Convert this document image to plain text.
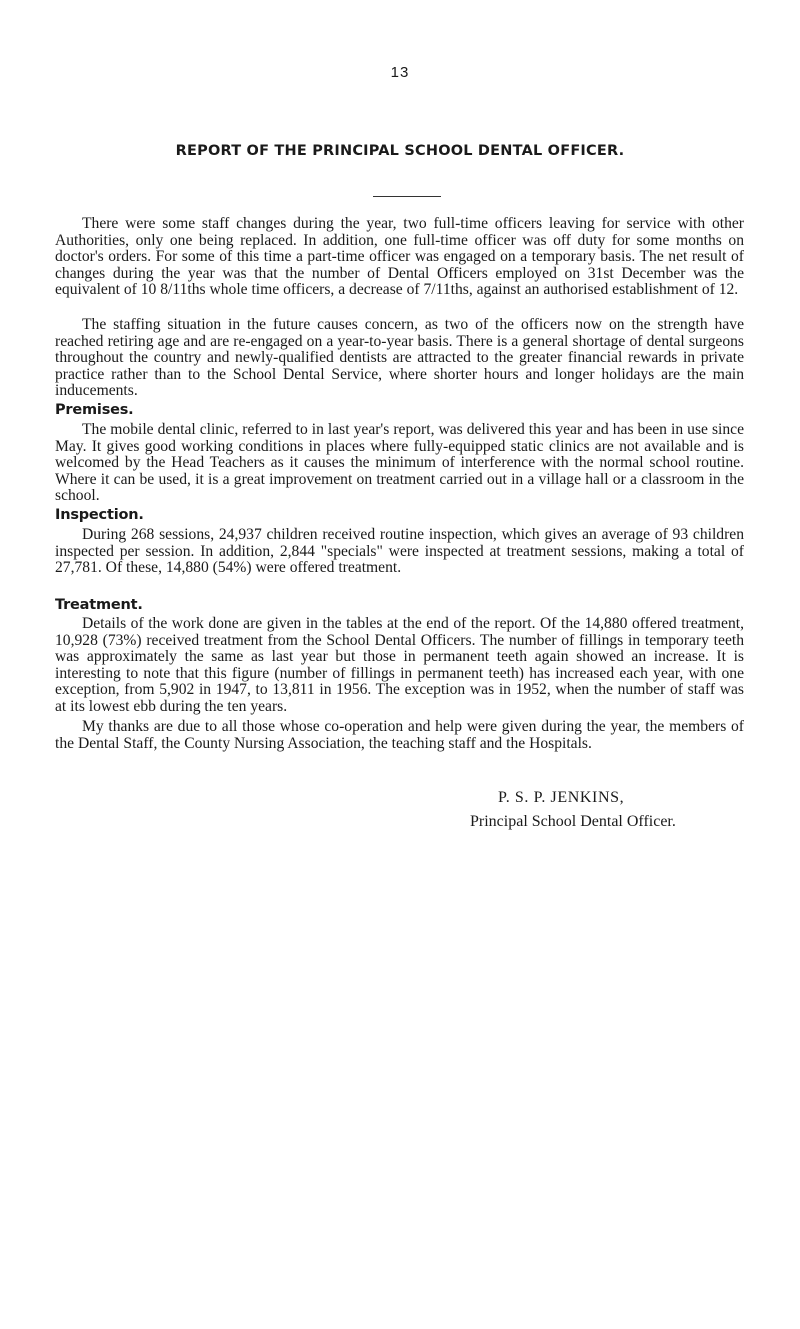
13
REPORT OF THE PRINCIPAL SCHOOL DENTAL OFFICER.

There were some staff changes during the year, two full-time officers leaving for service with other Authorities, only one being replaced. In addition, one full-time officer was off duty for some months on doctor's orders. For some of this time a part-time officer was engaged on a temporary basis. The net result of changes during the year was that the number of Dental Officers employed on 31st December was the equivalent of 10 8/11ths whole time officers, a decrease of 7/11ths, against an authorised establishment of 12.

The staffing situation in the future causes concern, as two of the officers now on the strength have reached retiring age and are re-engaged on a year-to-year basis. There is a general shortage of dental surgeons throughout the country and newly-qualified dentists are attracted to the greater financial rewards in private practice rather than to the School Dental Service, where shorter hours and longer holidays are the main inducements.

Premises.

The mobile dental clinic, referred to in last year's report, was delivered this year and has been in use since May. It gives good working conditions in places where fully-equipped static clinics are not available and is welcomed by the Head Teachers as it causes the minimum of interference with the normal school routine. Where it can be used, it is a great improvement on treatment carried out in a village hall or a classroom in the school.

Inspection.

During 268 sessions, 24,937 children received routine inspection, which gives an average of 93 children inspected per session. In addition, 2,844 "specials" were inspected at treatment sessions, making a total of 27,781. Of these, 14,880 (54%) were offered treatment.

Treatment.

Details of the work done are given in the tables at the end of the report. Of the 14,880 offered treatment, 10,928 (73%) received treatment from the School Dental Officers. The number of fillings in temporary teeth was approximately the same as last year but those in permanent teeth again showed an increase. It is interesting to note that this figure (number of fillings in permanent teeth) has increased each year, with one exception, from 5,902 in 1947, to 13,811 in 1956. The exception was in 1952, when the number of staff was at its lowest ebb during the ten years.

My thanks are due to all those whose co-operation and help were given during the year, the members of the Dental Staff, the County Nursing Association, the teaching staff and the Hospitals.

P. S. P. JENKINS,

Principal School Dental Officer.
